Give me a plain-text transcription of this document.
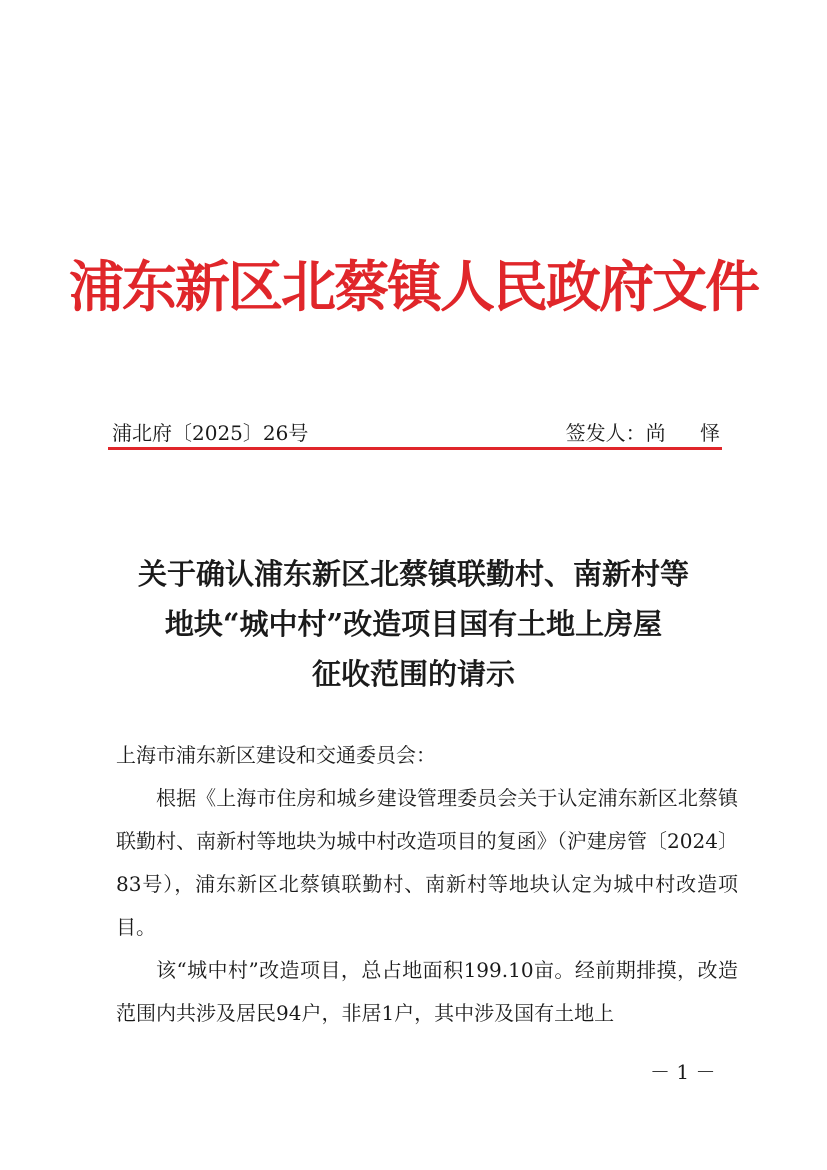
浦东新区北蔡镇人民政府文件
浦北府〔2025〕26号	签发人：尚 怿
关于确认浦东新区北蔡镇联勤村、南新村等
地块“城中村”改造项目国有土地上房屋
征收范围的请示

上海市浦东新区建设和交通委员会：

根据《上海市住房和城乡建设管理委员会关于认定浦东新区北蔡镇联勤村、南新村等地块为城中村改造项目的复函》（沪建房管〔2024〕83号），浦东新区北蔡镇联勤村、南新村等地块认定为城中村改造项目。

该“城中村”改造项目，总占地面积199.10亩。经前期排摸，改造范围内共涉及居民94户，非居1户，其中涉及国有土地上

－ 1 －
